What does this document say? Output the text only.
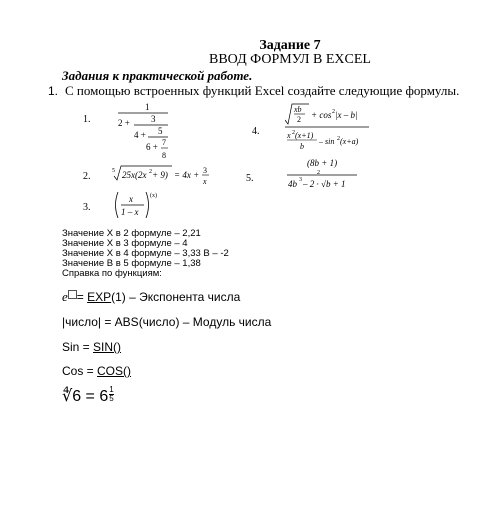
Задание 7
ВВОД ФОРМУЛ В EXCEL
Задания к практической работе.
1. С помощью встроенных функций Excel создайте следующие формулы.
1.
2.
3.
4.
5.
1
2 + 3
4 + 5
6 + 7
8
5 25x(2x 2 + 9) = 4x + 3
x
x
1 – x
(x)
xb
2 + cos 2 |x – b|
x 2 (x+1)
b
– sin 2 (x+a)
(8b + 1)
2
4b 3 – 2 · √b + 1
Значение X в 2 формуле – 2,21
Значение X в 3 формуле – 4
Значение X в 4 формуле – 3,33 B – -2
Значение B в 5 формуле – 1,38
Справка по функциям:
e = EXP(1) – Экспонента числа
|число| = ABS(число) – Модуль числа
Sin = SIN()
Cos = COS()
∜6 = $6 \frac{1}{5}$
